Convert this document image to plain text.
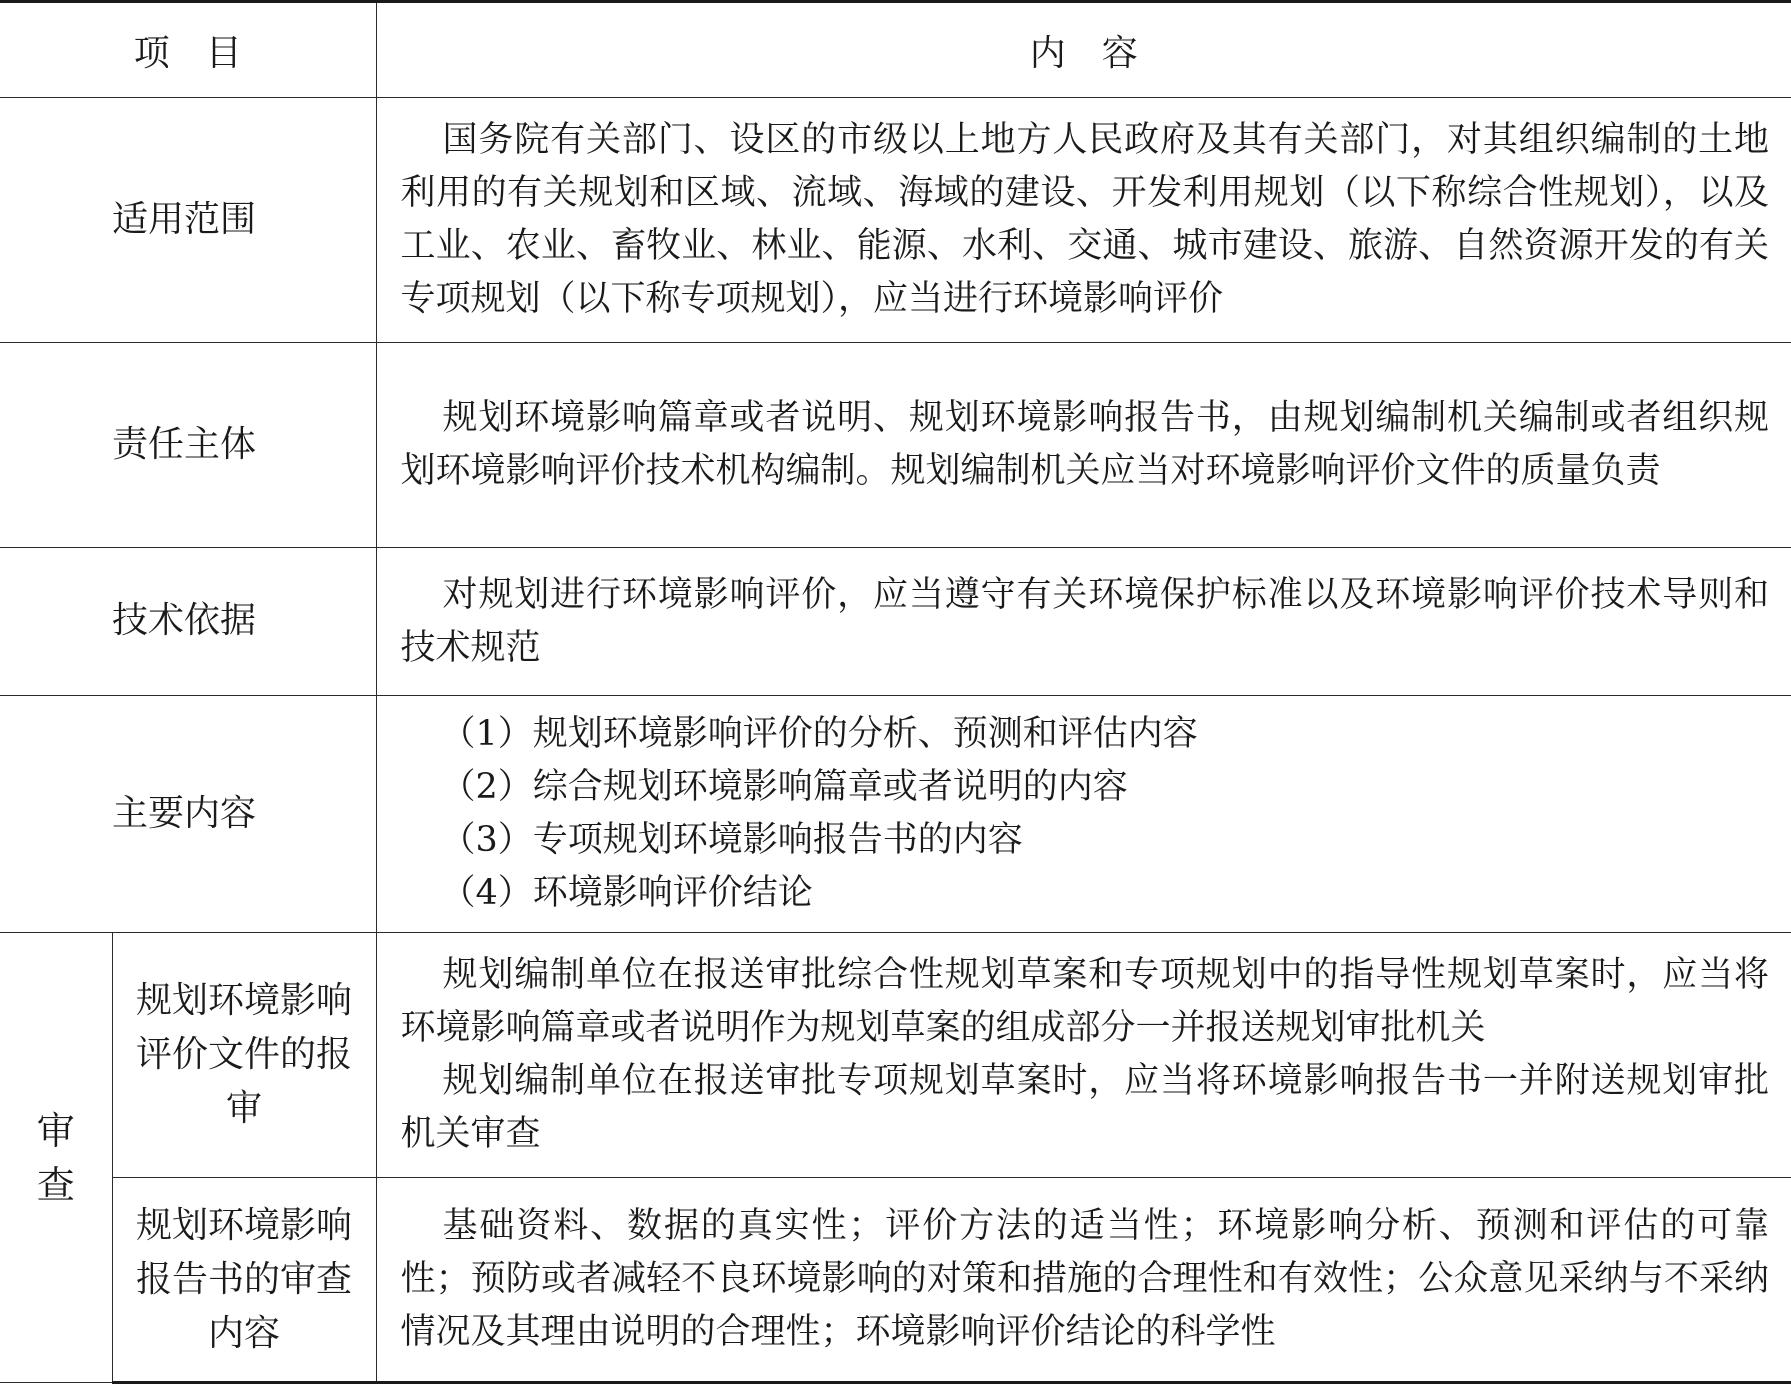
项　目		内　容
适用范围		国务院有关部门、设区的市级以上地方人民政府及其有关部门，对其组织编制的土地利用的有关规划和区域、流域、海域的建设、开发利用规划（以下称综合性规划），以及工业、农业、畜牧业、林业、能源、水利、交通、城市建设、旅游、自然资源开发的有关专项规划（以下称专项规划），应当进行环境影响评价

责任主体		规划环境影响篇章或者说明、规划环境影响报告书，由规划编制机关编制或者组织规划环境影响评价技术机构编制。规划编制机关应当对环境影响评价文件的质量负责

技术依据		对规划进行环境影响评价，应当遵守有关环境保护标准以及环境影响评价技术导则和技术规范

主要内容		（1）规划环境影响评价的分析、预测和评估内容
（2）综合规划环境影响篇章或者说明的内容
（3）专项规划环境影响报告书的内容
（4）环境影响评价结论

审查	规划环境影响评价文件的报审	规划编制单位在报送审批综合性规划草案和专项规划中的指导性规划草案时，应当将环境影响篇章或者说明作为规划草案的组成部分一并报送规划审批机关

规划编制单位在报送审批专项规划草案时，应当将环境影响报告书一并附送规划审批机关审查

	规划环境影响报告书的审查内容	基础资料、数据的真实性；评价方法的适当性；环境影响分析、预测和评估的可靠性；预防或者减轻不良环境影响的对策和措施的合理性和有效性；公众意见采纳与不采纳情况及其理由说明的合理性；环境影响评价结论的科学性
